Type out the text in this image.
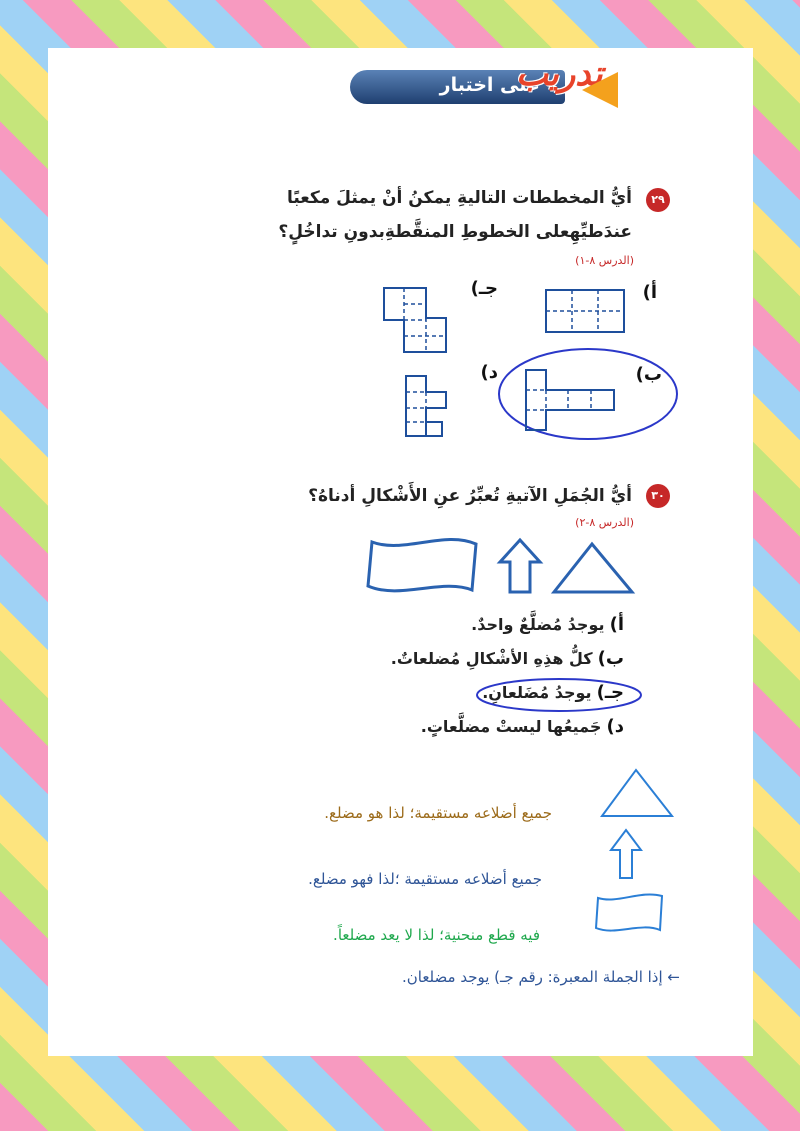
على اختبار
تدريب
٢٩
أيُّ المخططات التاليةِ يمكنُ أنْ يمثلَ مكعبًا
عندَطيِّهِعلى الخطوطِ المنقَّطةِبدونِ تداخُلٍ؟
(الدرس ٨-١)
أ)
ب)
جـ)
د)
٣٠
أيُّ الجُمَلِ الآتيةِ تُعبِّرُ عنِ الأَشْكالِ أدناهُ؟
(الدرس ٨-٢)
أ) يوجدُ مُضلَّعٌ واحدٌ.
ب) كلُّ هذِهِ الأشْكالِ مُضلعاتٌ.
جـ) يوجدُ مُضَلعانِ.
د) جَميعُها ليستْ مضلَّعاتٍ.
جميع أضلاعه مستقيمة؛ لذا هو مضلع.
جميع أضلاعه مستقيمة ؛لذا فهو مضلع.
فيه قطع منحنية؛ لذا لا يعد مضلعاً.
← إذا الجملة المعبرة: رقم جـ) يوجد مضلعان.
